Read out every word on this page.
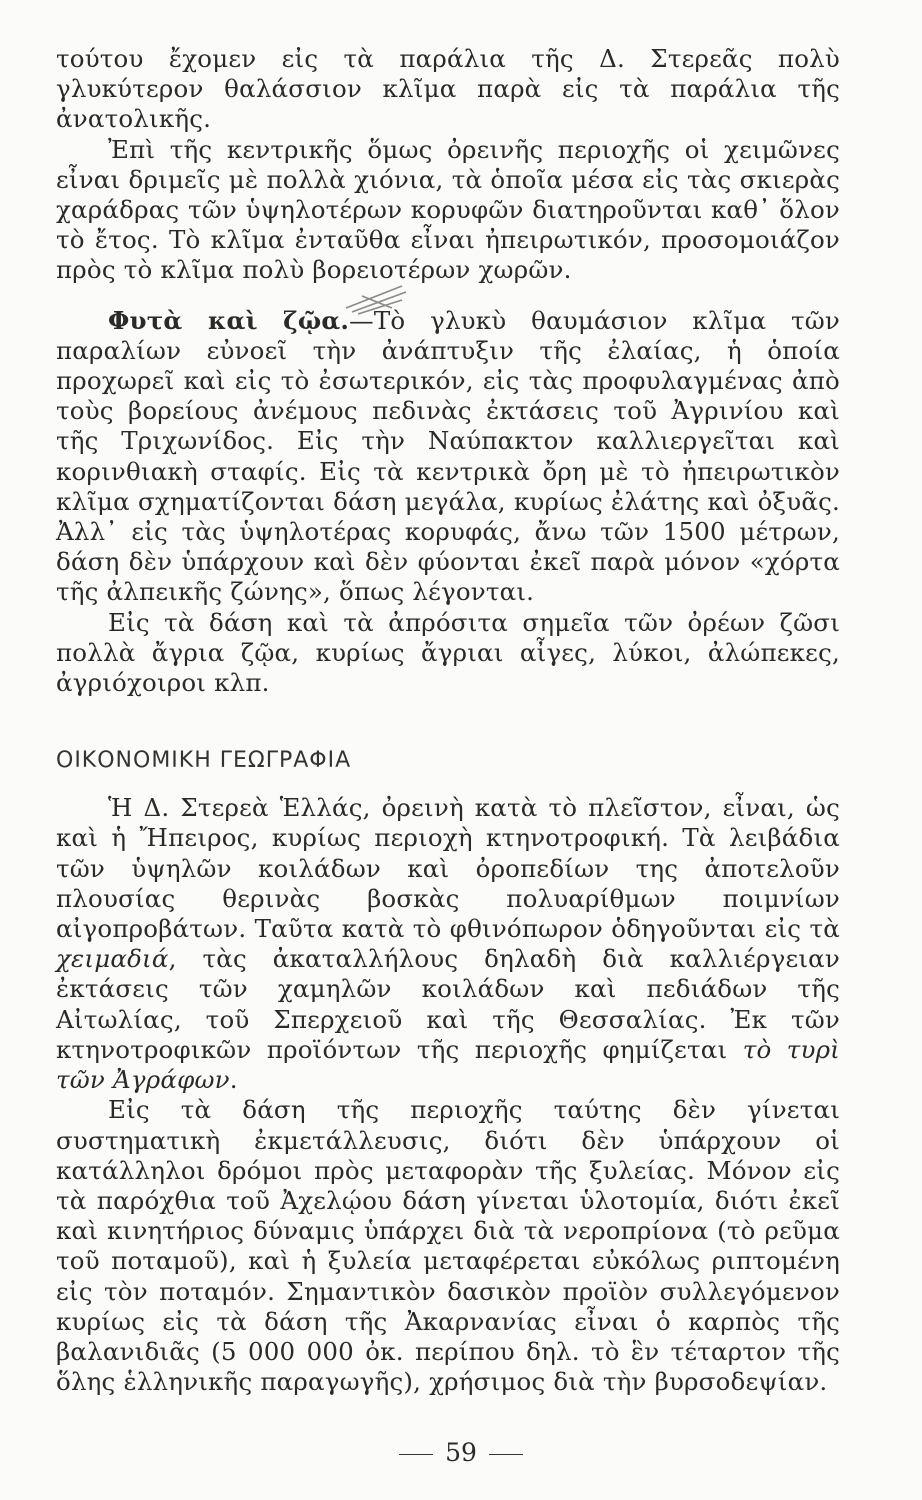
τούτου ἔχομεν εἰς τὰ παράλια τῆς Δ. Στερεᾶς πολὺ γλυκύτερον θαλάσσιον κλῖμα παρὰ εἰς τὰ παράλια τῆς ἀνατολικῆς.

Ἐπὶ τῆς κεντρικῆς ὅμως ὀρεινῆς περιοχῆς οἱ χειμῶνες εἶναι δριμεῖς μὲ πολλὰ χιόνια, τὰ ὁποῖα μέσα εἰς τὰς σκιερὰς χαράδρας τῶν ὑψηλοτέρων κορυφῶν διατηροῦνται καθ᾽ ὅλον τὸ ἔτος. Τὸ κλῖμα ἐνταῦθα εἶναι ἠπειρωτικόν, προσομοιάζον πρὸς τὸ κλῖμα πολὺ βορειοτέρων χωρῶν.

Φυτὰ καὶ ζῷα.—Τὸ γλυκὺ θαυμάσιον κλῖμα τῶν παραλίων εὐνοεῖ τὴν ἀνάπτυξιν τῆς ἐλαίας, ἡ ὁποία προχωρεῖ καὶ εἰς τὸ ἐσωτερικόν, εἰς τὰς προφυλαγμένας ἀπὸ τοὺς βορείους ἀνέμους πεδινὰς ἐκτάσεις τοῦ Ἀγρινίου καὶ τῆς Τριχωνίδος. Εἰς τὴν Ναύπακτον καλλιεργεῖται καὶ κορινθιακὴ σταφίς. Εἰς τὰ κεντρικὰ ὄρη μὲ τὸ ἠπειρωτικὸν κλῖμα σχηματίζονται δάση μεγάλα, κυρίως ἐλάτης καὶ ὀξυᾶς. Ἀλλ᾽ εἰς τὰς ὑψηλοτέρας κορυφάς, ἄνω τῶν 1500 μέτρων, δάση δὲν ὑπάρχουν καὶ δὲν φύονται ἐκεῖ παρὰ μόνον «χόρτα τῆς ἀλπεικῆς ζώνης», ὅπως λέγονται.

Εἰς τὰ δάση καὶ τὰ ἀπρόσιτα σημεῖα τῶν ὀρέων ζῶσι πολλὰ ἄγρια ζῷα, κυρίως ἄγριαι αἶγες, λύκοι, ἀλώπεκες, ἀγριόχοιροι κλπ.

ΟΙΚΟΝΟΜΙΚΗ ΓΕΩΓΡΑΦΙΑ

Ἡ Δ. Στερεὰ Ἑλλάς, ὀρεινὴ κατὰ τὸ πλεῖστον, εἶναι, ὡς καὶ ἡ Ἤπειρος, κυρίως περιοχὴ κτηνοτροφική. Τὰ λειβάδια τῶν ὑψηλῶν κοιλάδων καὶ ὀροπεδίων της ἀποτελοῦν πλουσίας θερινὰς βοσκὰς πολυαρίθμων ποιμνίων αἰγοπροβάτων. Ταῦτα κατὰ τὸ φθινόπωρον ὁδηγοῦνται εἰς τὰ χειμαδιά, τὰς ἀκαταλλήλους δηλαδὴ διὰ καλλιέργειαν ἐκτάσεις τῶν χαμηλῶν κοιλάδων καὶ πεδιάδων τῆς Αἰτωλίας, τοῦ Σπερχειοῦ καὶ τῆς Θεσσαλίας. Ἐκ τῶν κτηνοτροφικῶν προϊόντων τῆς περιοχῆς φημίζεται τὸ τυρὶ τῶν Ἀγράφων.

Εἰς τὰ δάση τῆς περιοχῆς ταύτης δὲν γίνεται συστηματικὴ ἐκμετάλλευσις, διότι δὲν ὑπάρχουν οἱ κατάλληλοι δρόμοι πρὸς μεταφορὰν τῆς ξυλείας. Μόνον εἰς τὰ παρόχθια τοῦ Ἀχελῴου δάση γίνεται ὑλοτομία, διότι ἐκεῖ καὶ κινητήριος δύναμις ὑπάρχει διὰ τὰ νεροπρίονα (τὸ ρεῦμα τοῦ ποταμοῦ), καὶ ἡ ξυλεία μεταφέρεται εὐκόλως ριπτομένη εἰς τὸν ποταμόν. Σημαντικὸν δασικὸν προϊὸν συλλεγόμενον κυρίως εἰς τὰ δάση τῆς Ἀκαρνανίας εἶναι ὁ καρπὸς τῆς βαλανιδιᾶς (5 000 000 ὀκ. περίπου δηλ. τὸ ἓν τέταρτον τῆς ὅλης ἑλληνικῆς παραγωγῆς), χρήσιμος διὰ τὴν βυρσοδεψίαν.

59
